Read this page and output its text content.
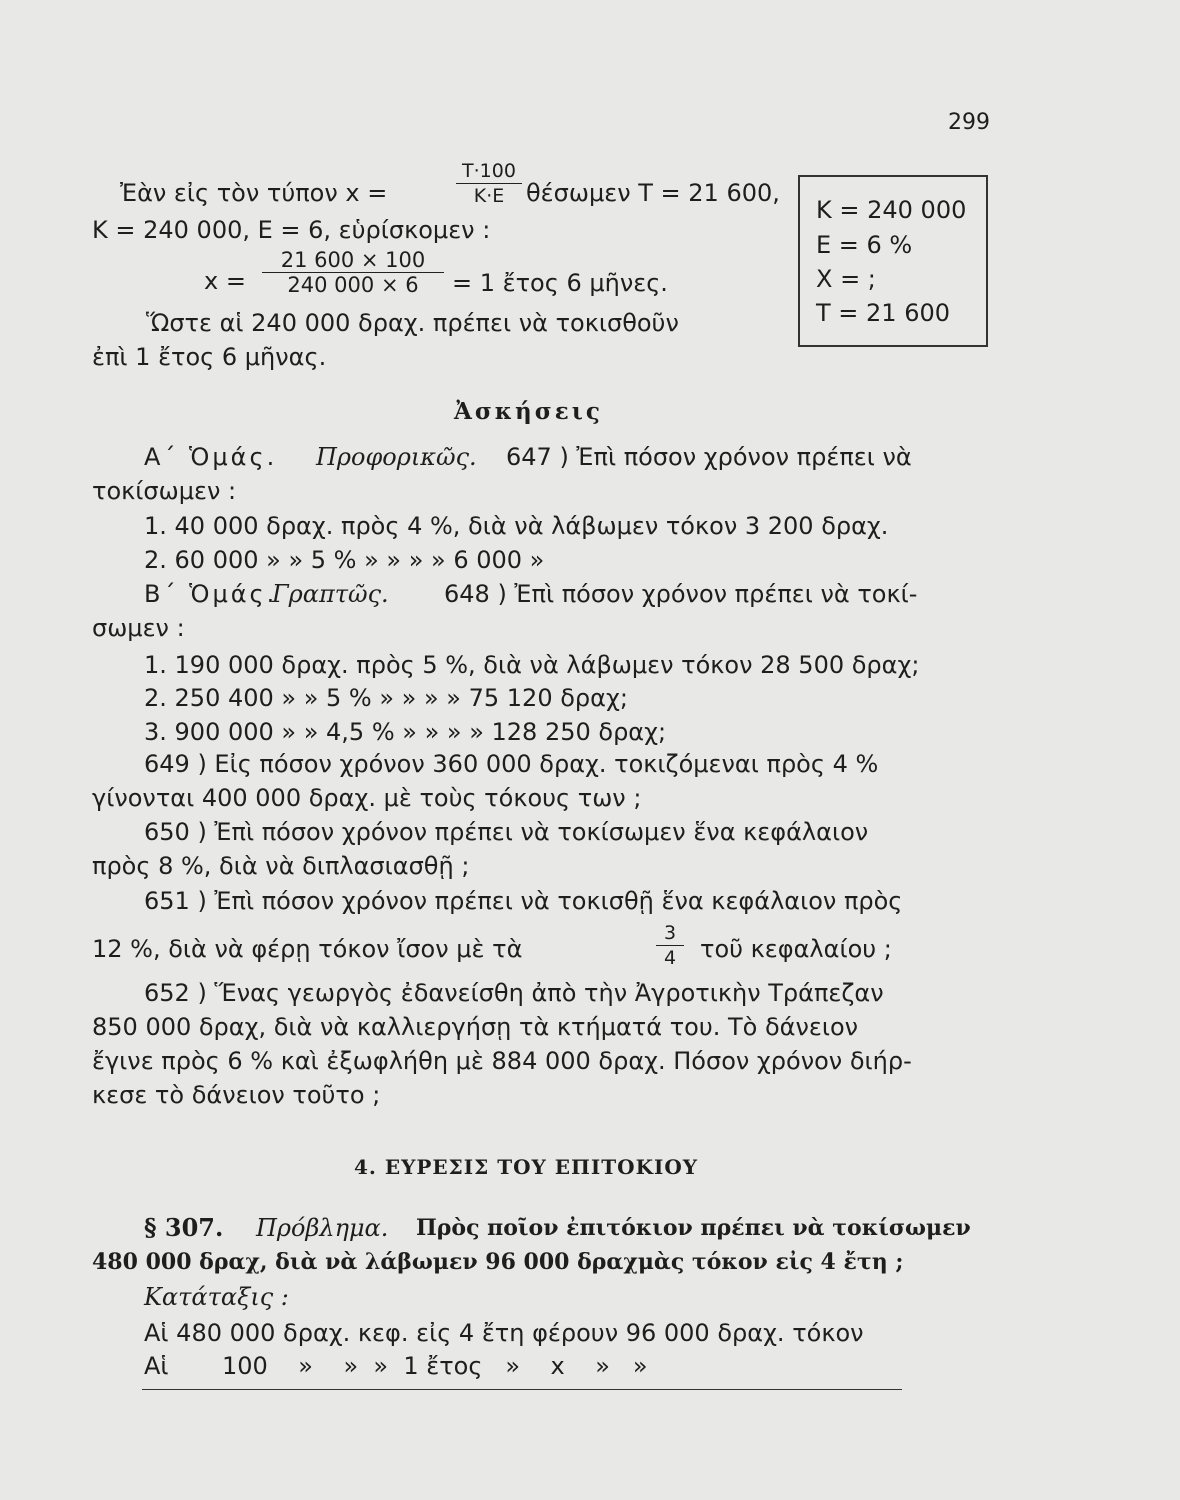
299
Ἐὰν εἰς τὸν τύπον x =
T·100
K·E θέσωμεν T = 21 600,
K = 240 000, E = 6, εὑρίσκομεν :
x =
21 600 × 100
240 000 × 6	= 1 ἔτος 6 μῆνες.
Ὥστε αἱ 240 000 δραχ. πρέπει νὰ τοκισθοῦν
ἐπὶ 1 ἔτος 6 μῆνας.
K = 240 000
E = 6 %
X = ;
T = 21 600
Ἀσκήσεις
Α΄ Ὁμάς. Προφορικῶς. 647 ) Ἐπὶ πόσον χρόνον πρέπει νὰ
τοκίσωμεν :
1. 40 000 δραχ. πρὸς 4 %, διὰ νὰ λάβωμεν τόκον 3 200 δραχ.
2. 60 000 » » 5 % » » » » 6 000 »
Β΄ Ὁμάς.
Γραπτῶς. 648 ) Ἐπὶ πόσον χρόνον πρέπει νὰ τοκί-
σωμεν :
1. 190 000 δραχ. πρὸς 5 %, διὰ νὰ λάβωμεν τόκον 28 500 δραχ;
2. 250 400 » » 5 % » » » » 75 120 δραχ;
3. 900 000 » » 4,5 % » » » » 128 250 δραχ;
649 ) Εἰς πόσον χρόνον 360 000 δραχ. τοκιζόμεναι πρὸς 4 %
γίνονται 400 000 δραχ. μὲ τοὺς τόκους των ;
650 ) Ἐπὶ πόσον χρόνον πρέπει νὰ τοκίσωμεν ἕνα κεφάλαιον
πρὸς 8 %, διὰ νὰ διπλασιασθῇ ;
651 ) Ἐπὶ πόσον χρόνον πρέπει νὰ τοκισθῇ ἕνα κεφάλαιον πρὸς
12 %, διὰ νὰ φέρῃ τόκον ἴσον μὲ τὰ
3
4 τοῦ κεφαλαίου ;
652 ) Ἕνας γεωργὸς ἐδανείσθη ἀπὸ τὴν Ἀγροτικὴν Τράπεζαν
850 000 δραχ, διὰ νὰ καλλιεργήσῃ τὰ κτήματά του. Τὸ δάνειον
ἔγινε πρὸς 6 % καὶ ἐξωφλήθη μὲ 884 000 δραχ. Πόσον χρόνον διήρ-
κεσε τὸ δάνειον τοῦτο ;
4. ΕΥΡΕΣΙΣ ΤΟΥ ΕΠΙΤΟΚΙΟΥ
§ 307. Πρόβλημα. Πρὸς ποῖον ἐπιτόκιον πρέπει νὰ τοκίσωμεν
480 000 δραχ, διὰ νὰ λάβωμεν 96 000 δραχμὰς τόκον εἰς 4 ἔτη ;
Κατάταξις :
Αἱ 480 000 δραχ. κεφ. εἰς 4 ἔτη φέρουν 96 000 δραχ. τόκον
Αἱ       100    »    »  »  1 ἔτος   »    x    »   »
